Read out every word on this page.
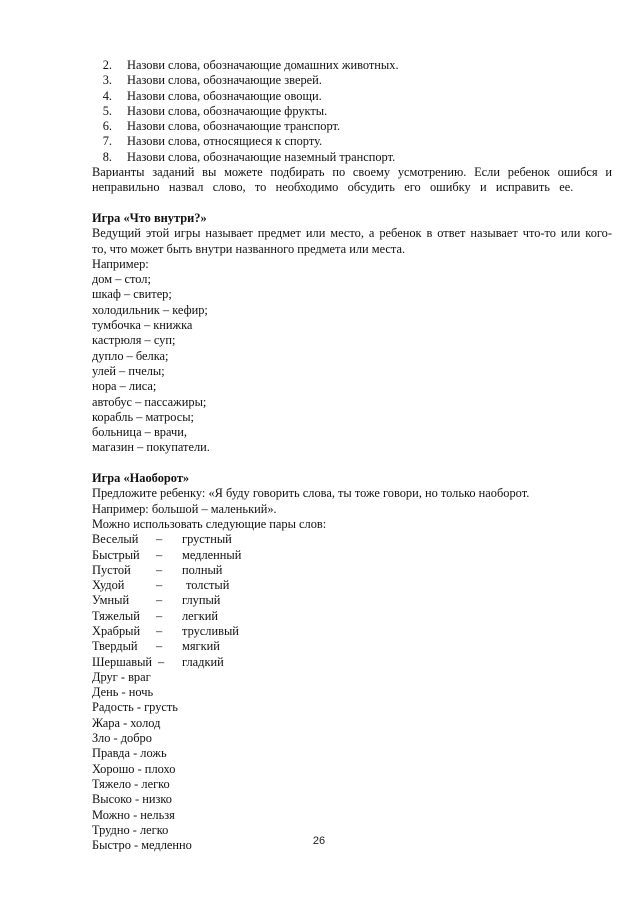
2.	Назови слова, обозначающие домашних животных.
3.	Назови слова, обозначающие зверей.
4.	Назови слова, обозначающие овощи.
5.	Назови слова, обозначающие фрукты.
6.	Назови слова, обозначающие транспорт.
7.	Назови слова, относящиеся к спорту.
8.	Назови слова, обозначающие наземный транспорт.
Варианты заданий вы можете подбирать по своему усмотрению. Если ребенок ошибся и
неправильно назвал слово, то необходимо обсудить его ошибку и исправить ее.
Игра «Что внутри?»
Ведущий этой игры называет предмет или место, а ребенок в ответ называет что-то или кого-
то, что может быть внутри названного предмета или места.
Например:
дом – стол;
шкаф – свитер;
холодильник – кефир;
тумбочка – книжка
кастрюля – суп;
дупло – белка;
улей – пчелы;
нора – лиса;
автобус – пассажиры;
корабль – матросы;
больница – врачи,
магазин – покупатели.
Игра «Наоборот»
Предложите ребенку: «Я буду говорить слова, ты тоже говори, но только наоборот.
Например: большой – маленький».
Можно использовать следующие пары слов:
Веселый	–	грустный
Быстрый	–	медленный
Пустой	–	полный
Худой	–	толстый
Умный	–	глупый
Тяжелый	–	легкий
Храбрый	–	трусливый
Твердый	–	мягкий
Шершавый –	гладкий
Друг - враг
День - ночь
Радость - грусть
Жара - холод
Зло - добро
Правда - ложь
Хорошо - плохо
Тяжело - легко
Высоко - низко
Можно - нельзя
Трудно - легко
Быстро - медленно	26
